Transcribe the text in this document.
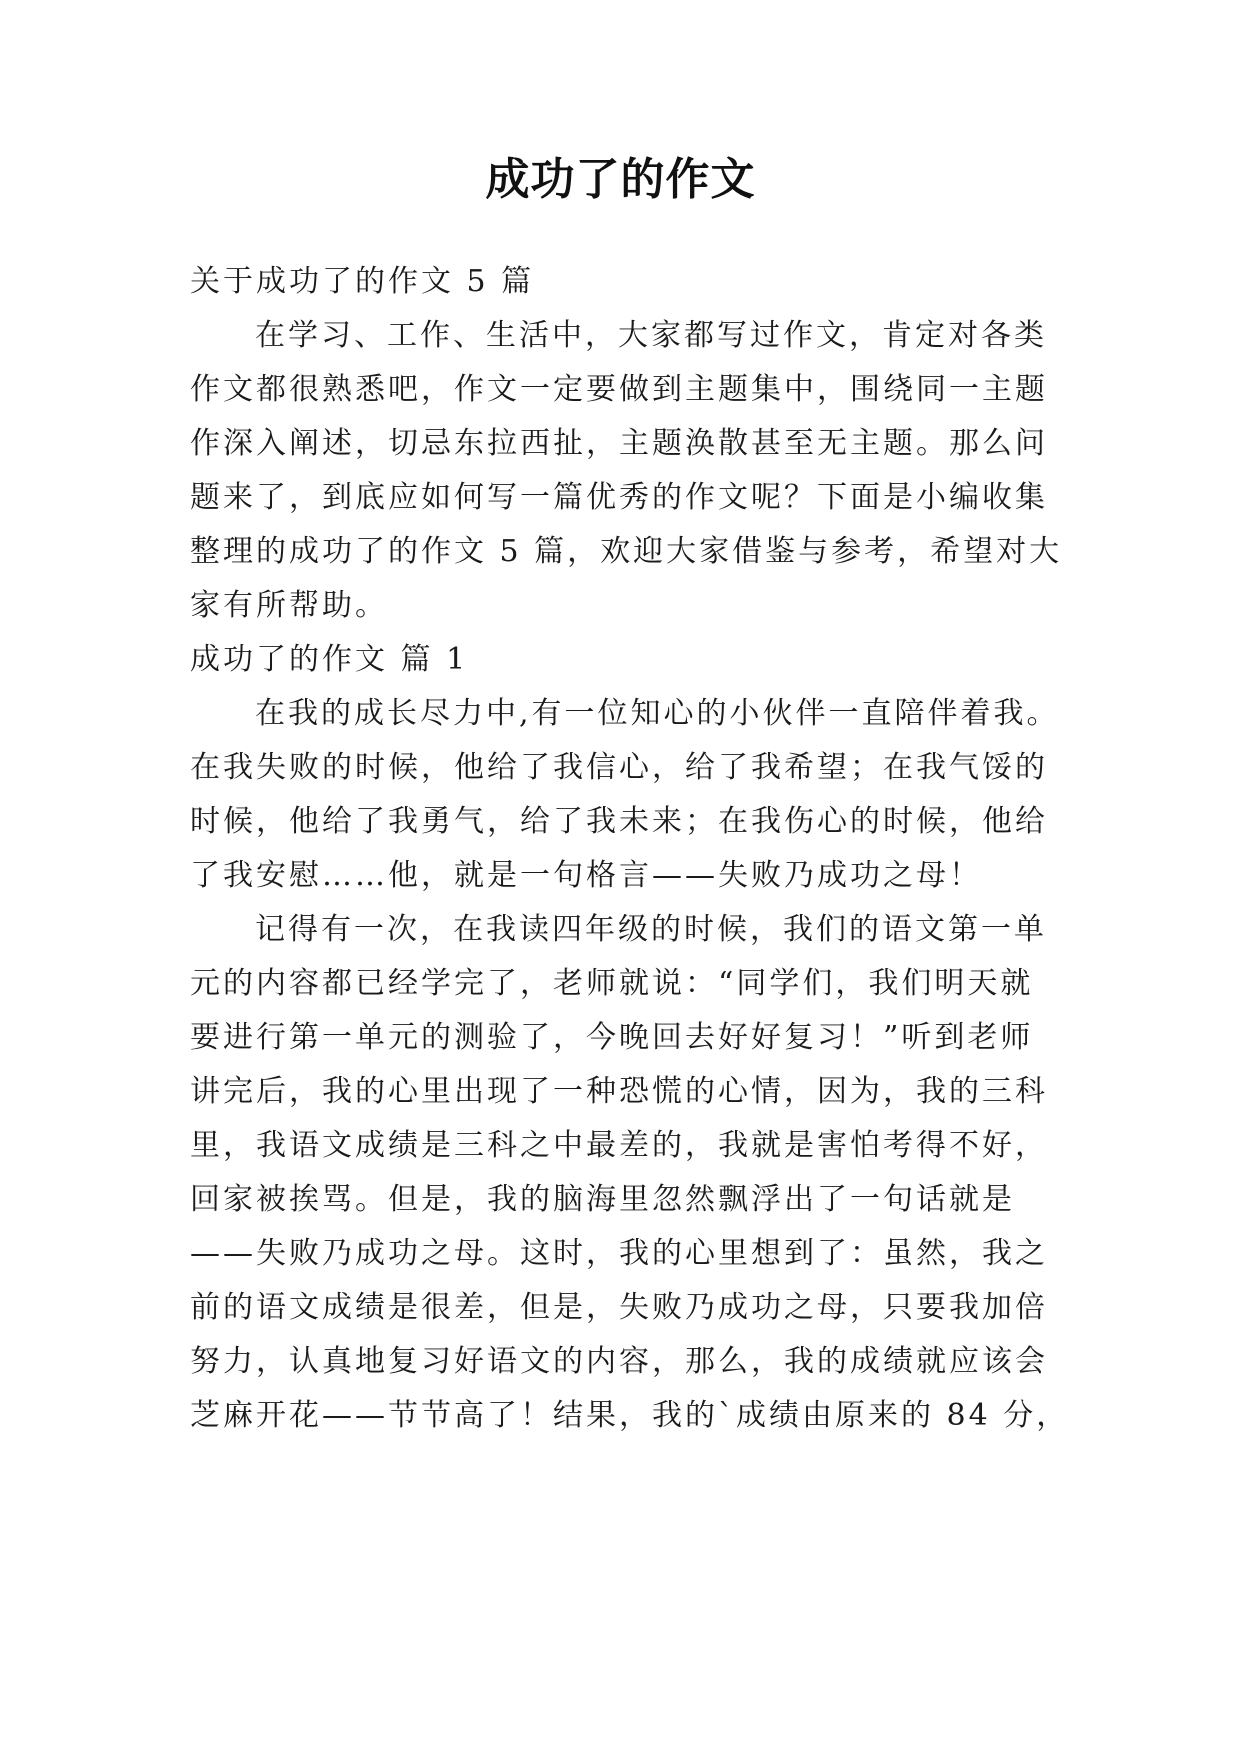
成功了的作文
关于成功了的作文 5 篇
在学习、工作、生活中，大家都写过作文，肯定对各类
作文都很熟悉吧，作文一定要做到主题集中，围绕同一主题
作深入阐述，切忌东拉西扯，主题涣散甚至无主题。那么问
题来了，到底应如何写一篇优秀的作文呢？下面是小编收集
整理的成功了的作文 5 篇，欢迎大家借鉴与参考，希望对大
家有所帮助。
成功了的作文 篇 1
在我的成长尽力中,有一位知心的小伙伴一直陪伴着我。
在我失败的时候，他给了我信心，给了我希望；在我气馁的
时候，他给了我勇气，给了我未来；在我伤心的时候，他给
了我安慰……他，就是一句格言——失败乃成功之母！
记得有一次，在我读四年级的时候，我们的语文第一单
元的内容都已经学完了，老师就说：“同学们，我们明天就
要进行第一单元的测验了，今晚回去好好复习！”听到老师
讲完后，我的心里出现了一种恐慌的心情，因为，我的三科
里，我语文成绩是三科之中最差的，我就是害怕考得不好，
回家被挨骂。但是，我的脑海里忽然飘浮出了一句话就是
——失败乃成功之母。这时，我的心里想到了：虽然，我之
前的语文成绩是很差，但是，失败乃成功之母，只要我加倍
努力，认真地复习好语文的内容，那么，我的成绩就应该会
芝麻开花——节节高了！结果，我的`成绩由原来的 84 分，
